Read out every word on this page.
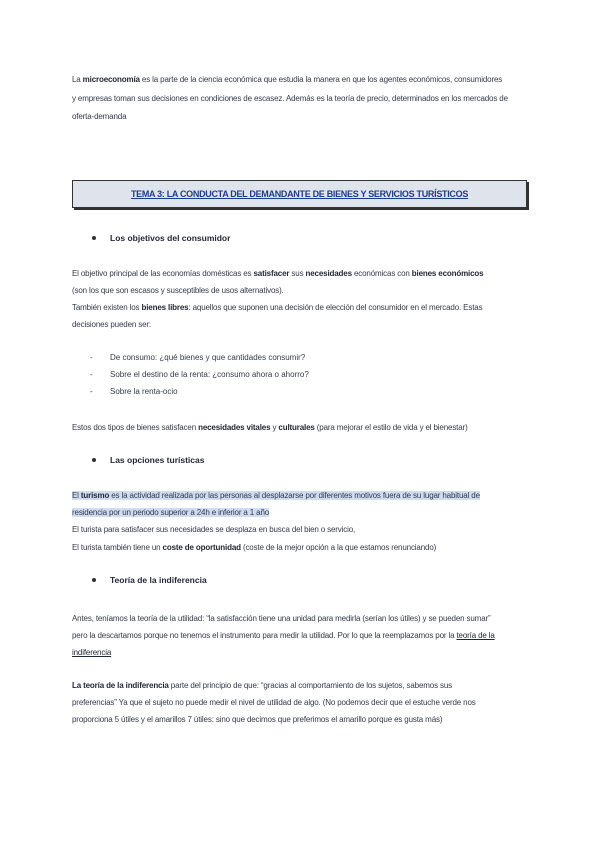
La microeconomía es la parte de la ciencia económica que estudia la manera en que los agentes económicos, consumidores
y empresas toman sus decisiones en condiciones de escasez. Además es la teoría de precio, determinados en los mercados de
oferta-demanda
TEMA 3: LA CONDUCTA DEL DEMANDANTE DE BIENES Y SERVICIOS TURÍSTICOS
Los objetivos del consumidor
El objetivo principal de las economías domésticas es satisfacer sus necesidades económicas con bienes económicos
(son los que son escasos y susceptibles de usos alternativos).
También existen los bienes libres: aquellos que suponen una decisión de elección del consumidor en el mercado. Estas
decisiones pueden ser:
- De consumo: ¿qué bienes y que cantidades consumir?
- Sobre el destino de la renta: ¿consumo ahora o ahorro?
- Sobre la renta-ocio
Estos dos tipos de bienes satisfacen necesidades vitales y culturales (para mejorar el estilo de vida y el bienestar)
Las opciones turísticas
El turismo es la actividad realizada por las personas al desplazarse por diferentes motivos fuera de su lugar habitual de
residencia por un periodo superior a 24h e inferior a 1 año
El turista para satisfacer sus necesidades se desplaza en busca del bien o servicio,
El turista también tiene un coste de oportunidad (coste de la mejor opción a la que estamos renunciando)
Teoría de la indiferencia
Antes, teníamos la teoría de la utilidad: “la satisfacción tiene una unidad para medirla (serían los útiles) y se pueden sumar”
pero la descartamos porque no tenemos el instrumento para medir la utilidad. Por lo que la reemplazamos por la teoría de la
indiferencia
La teoría de la indiferencia parte del principio de que: “gracias al comportamiento de los sujetos, sabemos sus
preferencias” Ya que el sujeto no puede medir el nivel de utilidad de algo. (No podemos decir que el estuche verde nos
proporciona 5 útiles y el amarillos 7 útiles: sino que decimos que preferimos el amarillo porque es gusta más)
